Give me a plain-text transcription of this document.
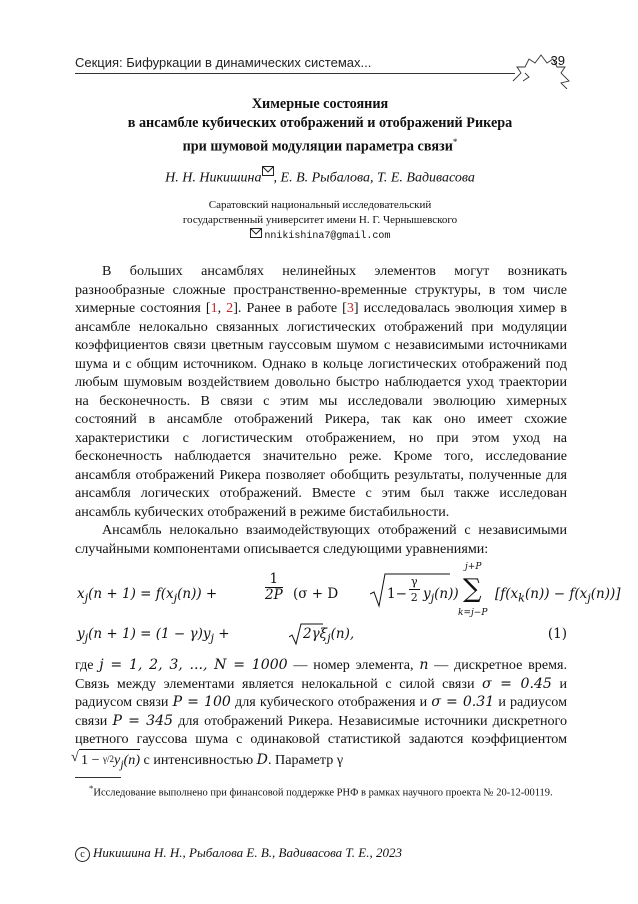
Секция: Бифуркации в динамических системах...	39
Химерные состояния
в ансамбле кубических отображений и отображений Рикера
при шумовой модуляции параметра связи*
Н. Н. Никишина , Е. В. Рыбалова, Т. Е. Вадивасова
Саратовский национальный исследовательский
государственный университет имени Н. Г. Чернышевского
nnikishina7@gmail.com

В больших ансамблях нелинейных элементов могут возникать разнообразные сложные пространственно-временные структуры, в том числе химерные состояния [1, 2]. Ранее в работе [3] исследовалась эволюция химер в ансамбле нелокально связанных логистических отображений при модуляции коэффициентов связи цветным гауссовым шумом с независимыми источниками шума и с общим источником. Однако в кольце логистических отображений под любым шумовым воздействием довольно быстро наблюдается уход траектории на бесконечность. В связи с этим мы исследовали эволюцию химерных состояний в ансамбле отображений Рикера, так как оно имеет схожие характеристики с логистическим отображением, но при этом уход на бесконечность наблюдается значительно реже. Кроме того, исследование ансамбля отображений Рикера позволяет обобщить результаты, полученные для ансамбля логических отображений. Вместе с этим был также исследован ансамбль кубических отображений в режиме бистабильности.

Ансамбль нелокально взаимодействующих отображений с независимыми случайными компонентами описывается следующими уравнениями:

$x_j(n + 1) = f(x_j(n))$ +	$\frac{1}{2P} (\sigma + D$	$1- \frac{\gamma}{2} y_j(n)$)
j+P
∑
k=j−P
$[f(x_k(n)) - f(x_j(n))]$
$y_j(n + 1) = (1 - \gamma)y_j$ +	$2\gamma\xi_j(n)$,	(1)

где j = 1, 2, 3, ..., N = 1000 — номер элемента, n — дискретное время. Связь между элементами является нелокальной с силой связи σ = 0.45 и радиусом связи P = 100 для кубического отображения и σ = 0.31 и радиусом связи P = 345 для отображений Рикера. Независимые источники дискретного цветного гауссова шума с одинаковой статистикой задаются коэффициентом
√ $1 - \gamma/2y_j(n)$ с интенсивностью D. Параметр γ

*Исследование выполнено при финансовой поддержке РНФ в рамках научного проекта № 20-12-00119.
c Никишина Н. Н., Рыбалова Е. В., Вадивасова Т. Е., 2023
